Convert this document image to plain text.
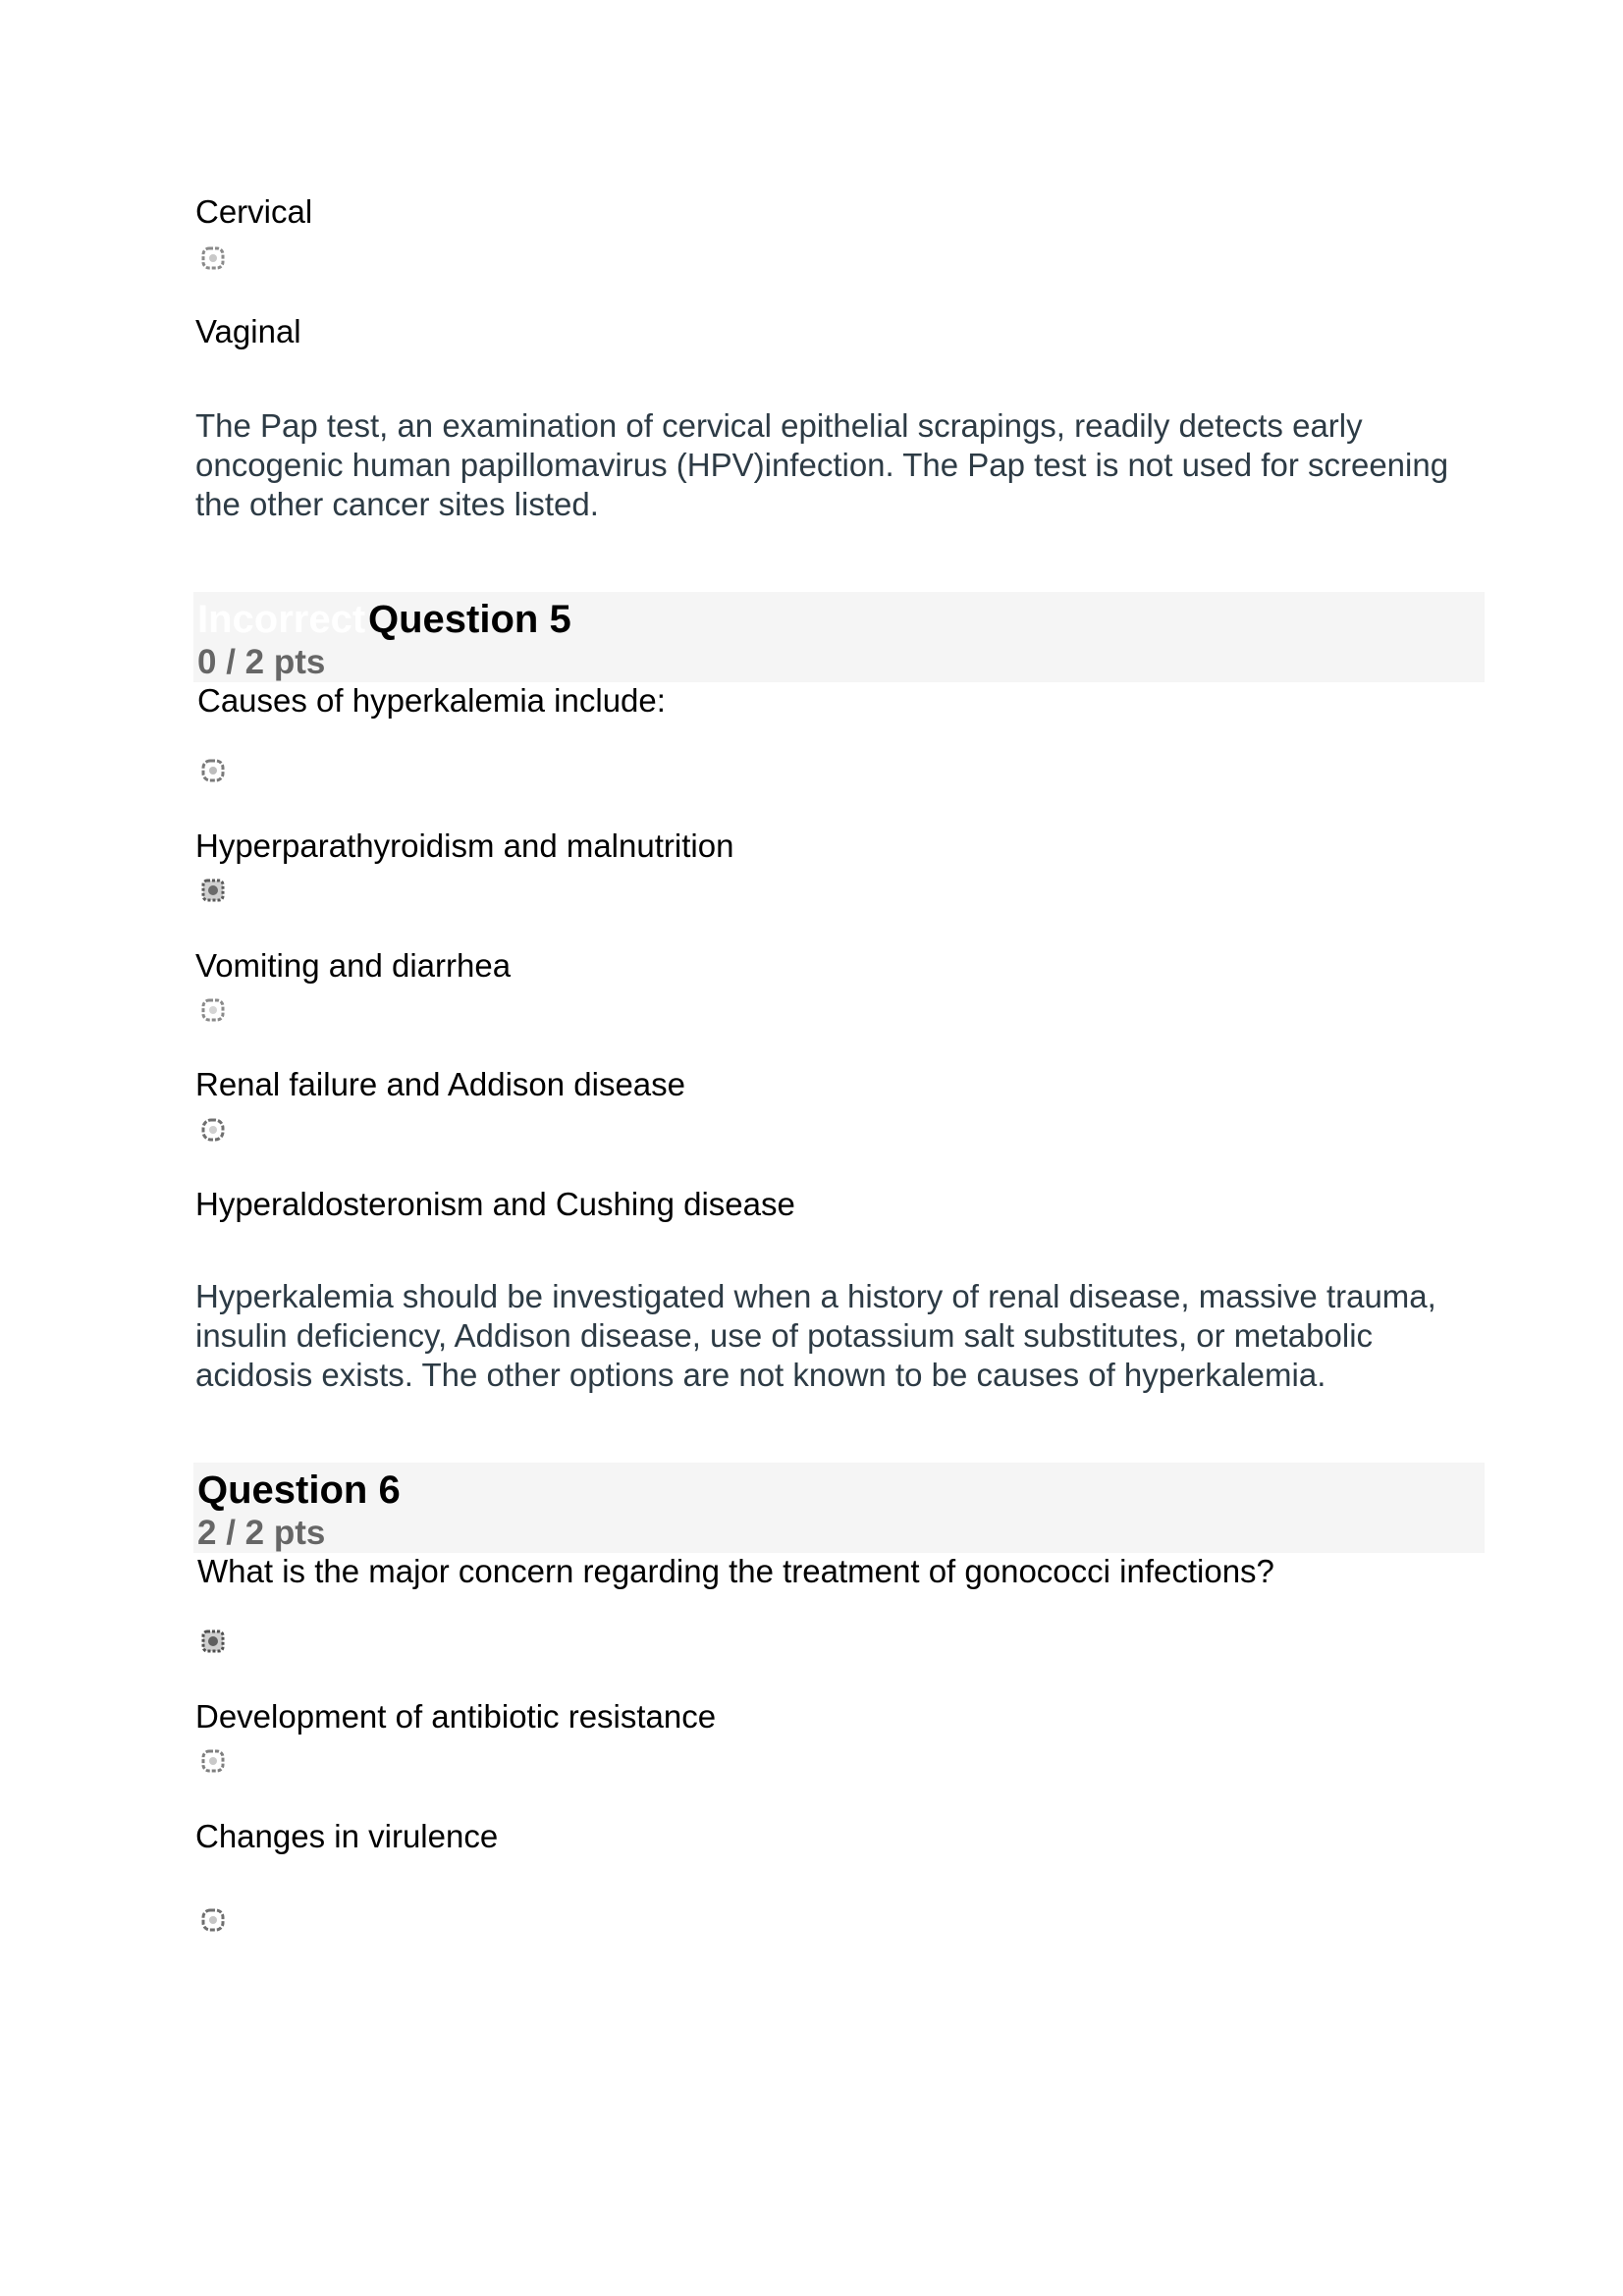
Cervical
Vaginal
The Pap test, an examination of cervical epithelial scrapings, readily detects early oncogenic human papillomavirus (HPV)infection. The Pap test is not used for screening the other cancer sites listed.
Incorrect Question 5
0 / 2 pts
Causes of hyperkalemia include:
Hyperparathyroidism and malnutrition
Vomiting and diarrhea
Renal failure and Addison disease
Hyperaldosteronism and Cushing disease
Hyperkalemia should be investigated when a history of renal disease, massive trauma, insulin deficiency, Addison disease, use of potassium salt substitutes, or metabolic acidosis exists. The other options are not known to be causes of hyperkalemia.
Question 6
2 / 2 pts
What is the major concern regarding the treatment of gonococci infections?
Development of antibiotic resistance
Changes in virulence
